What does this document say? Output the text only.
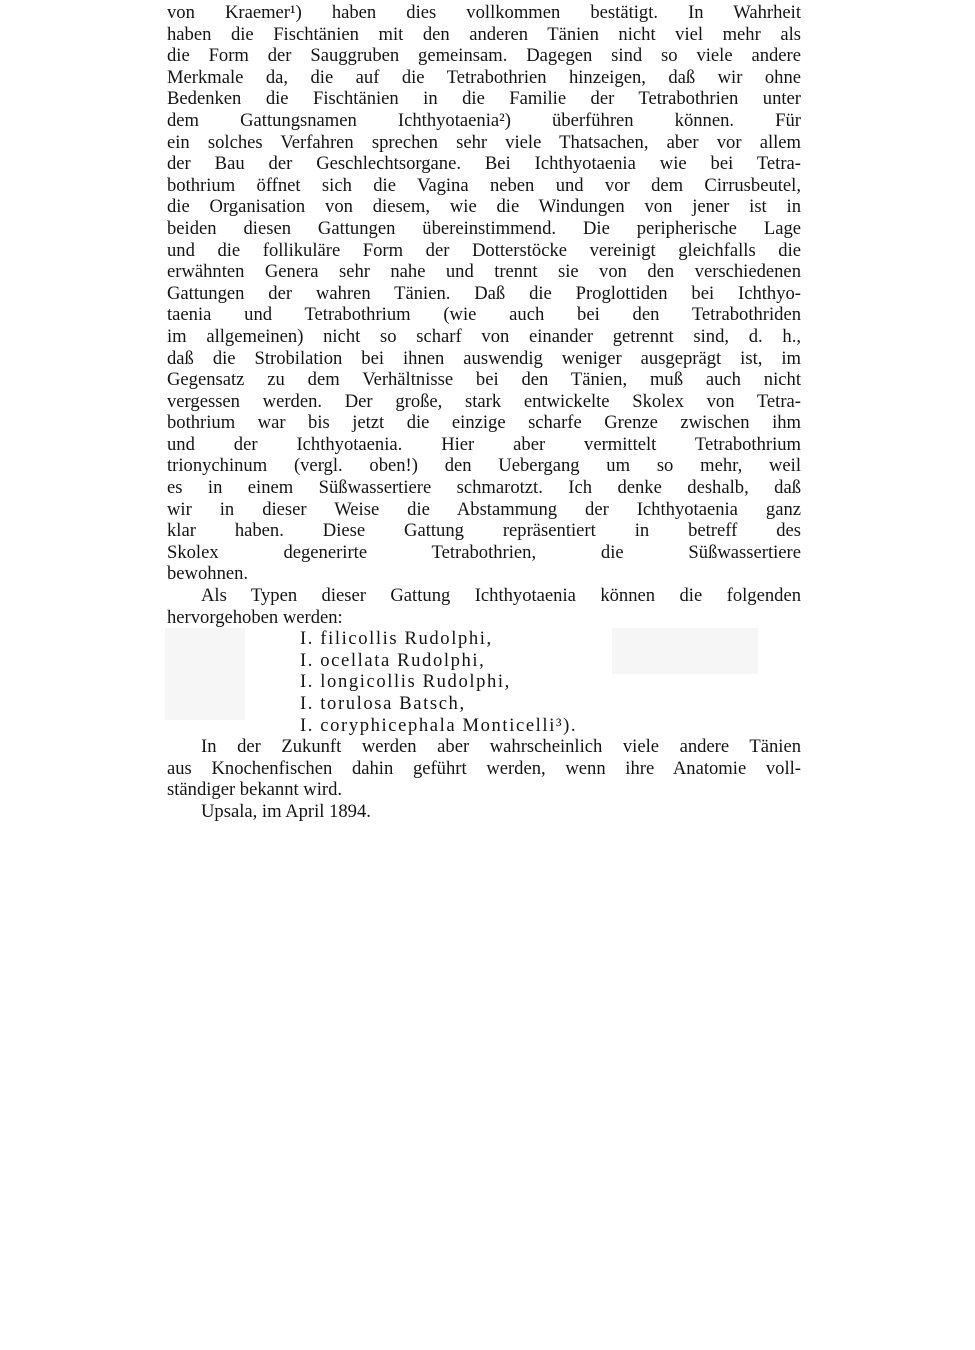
von Kraemer¹) haben dies vollkommen bestätigt. In Wahrheit
haben die Fischtänien mit den anderen Tänien nicht viel mehr als
die Form der Sauggruben gemeinsam. Dagegen sind so viele andere
Merkmale da, die auf die Tetrabothrien hinzeigen, daß wir ohne
Bedenken die Fischtänien in die Familie der Tetrabothrien unter
dem Gattungsnamen Ichthyotaenia²) überführen können. Für
ein solches Verfahren sprechen sehr viele Thatsachen, aber vor allem
der Bau der Geschlechtsorgane. Bei Ichthyotaenia wie bei Tetra-
bothrium öffnet sich die Vagina neben und vor dem Cirrusbeutel,
die Organisation von diesem, wie die Windungen von jener ist in
beiden diesen Gattungen übereinstimmend. Die peripherische Lage
und die follikuläre Form der Dotterstöcke vereinigt gleichfalls die
erwähnten Genera sehr nahe und trennt sie von den verschiedenen
Gattungen der wahren Tänien. Daß die Proglottiden bei Ichthyo-
taenia und Tetrabothrium (wie auch bei den Tetrabothriden
im allgemeinen) nicht so scharf von einander getrennt sind, d. h.,
daß die Strobilation bei ihnen auswendig weniger ausgeprägt ist, im
Gegensatz zu dem Verhältnisse bei den Tänien, muß auch nicht
vergessen werden. Der große, stark entwickelte Skolex von Tetra-
bothrium war bis jetzt die einzige scharfe Grenze zwischen ihm
und der Ichthyotaenia. Hier aber vermittelt Tetrabothrium
trionychinum (vergl. oben!) den Uebergang um so mehr, weil
es in einem Süßwassertiere schmarotzt. Ich denke deshalb, daß
wir in dieser Weise die Abstammung der Ichthyotaenia ganz
klar haben. Diese Gattung repräsentiert in betreff des
Skolex degenerirte Tetrabothrien, die Süßwassertiere
bewohnen.
Als Typen dieser Gattung Ichthyotaenia können die folgenden
hervorgehoben werden:
I. filicollis Rudolphi,
I. ocellata Rudolphi,
I. longicollis Rudolphi,
I. torulosa Batsch,
I. coryphicephala Monticelli³).
In der Zukunft werden aber wahrscheinlich viele andere Tänien
aus Knochenfischen dahin geführt werden, wenn ihre Anatomie voll-
ständiger bekannt wird.
Upsala, im April 1894.
